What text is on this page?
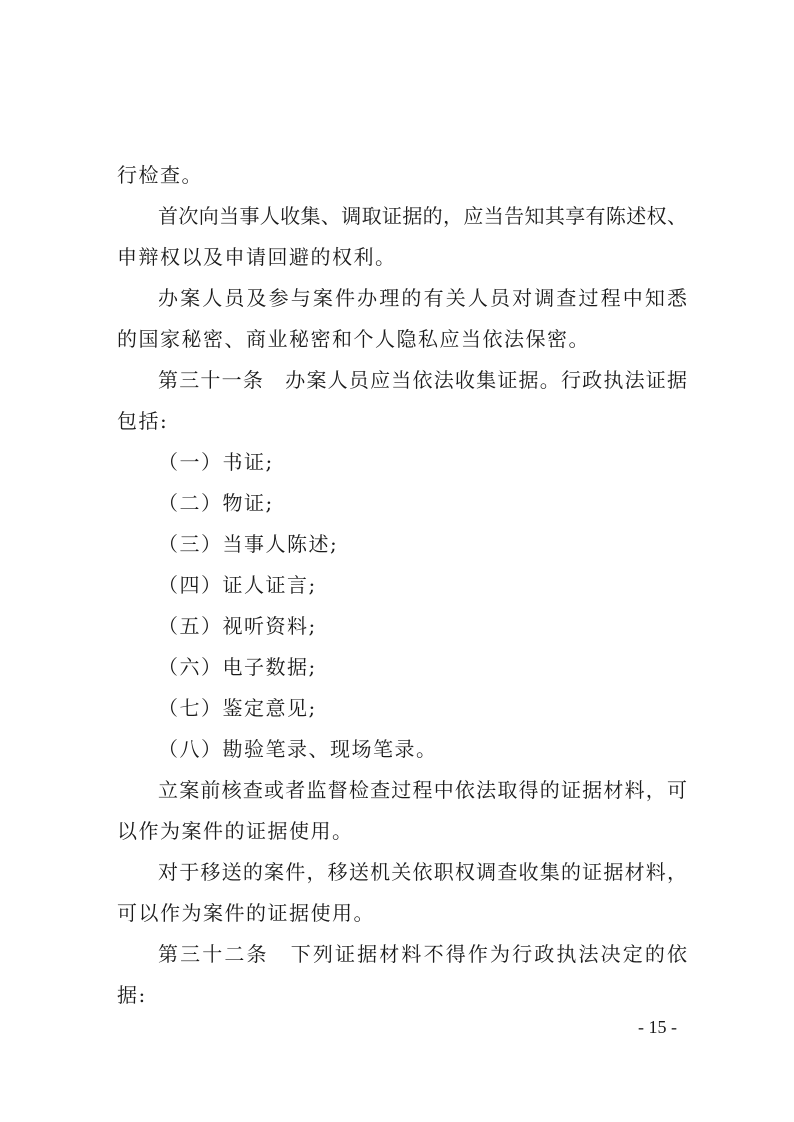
行检查。
首次向当事人收集、调取证据的，应当告知其享有陈述权、
申辩权以及申请回避的权利。
办案人员及参与案件办理的有关人员对调查过程中知悉
的国家秘密、商业秘密和个人隐私应当依法保密。
第三十一条　办案人员应当依法收集证据。行政执法证据
包括:
（一）书证;
（二）物证;
（三）当事人陈述;
（四）证人证言;
（五）视听资料;
（六）电子数据;
（七）鉴定意见;
（八）勘验笔录、现场笔录。
立案前核查或者监督检查过程中依法取得的证据材料，可
以作为案件的证据使用。
对于移送的案件，移送机关依职权调查收集的证据材料，
可以作为案件的证据使用。
第三十二条　下列证据材料不得作为行政执法决定的依
据:
- 15 -
